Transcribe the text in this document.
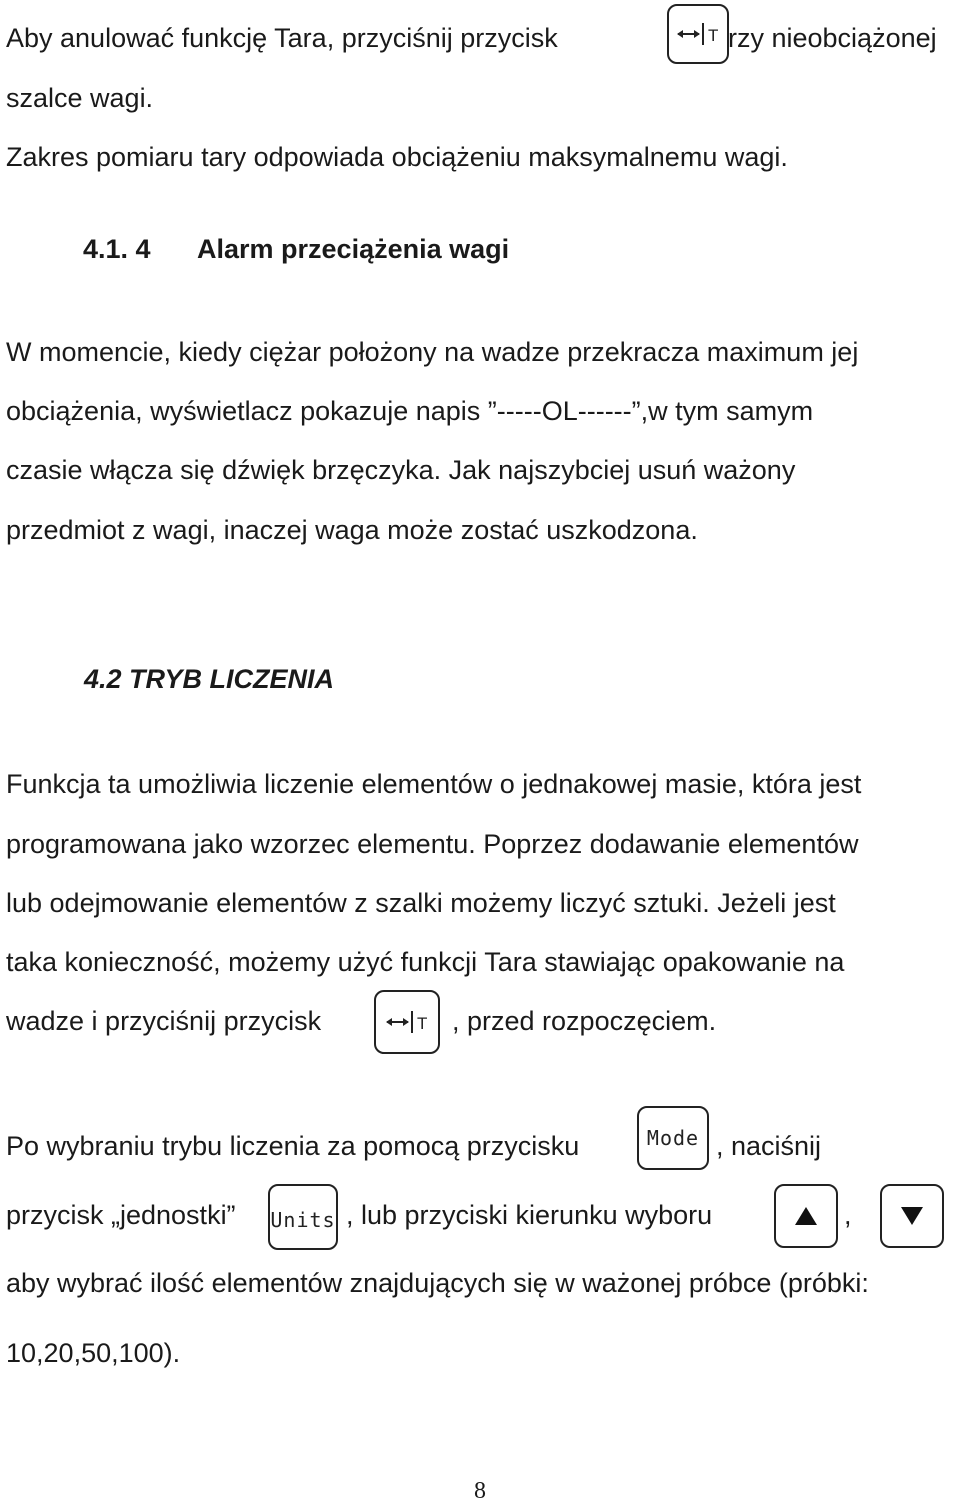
Aby anulować funkcję Tara, przyciśnij przycisk	T rzy nieobciążonej
szalce wagi.
Zakres pomiaru tary odpowiada obciążeniu maksymalnemu wagi.
4.1. 4 Alarm przeciążenia wagi
W momencie, kiedy ciężar położony na wadze przekracza maximum jej
obciążenia, wyświetlacz pokazuje napis ”-----OL------”,w tym samym
czasie włącza się dźwięk brzęczyka. Jak najszybciej usuń ważony
przedmiot z wagi, inaczej waga może zostać uszkodzona.
4.2 TRYB LICZENIA
Funkcja ta umożliwia liczenie elementów o jednakowej masie, która jest
programowana jako wzorzec elementu. Poprzez dodawanie elementów
lub odejmowanie elementów z szalki możemy liczyć sztuki. Jeżeli jest
taka konieczność, możemy użyć funkcji Tara stawiając opakowanie na
wadze i przyciśnij przycisk	T , przed rozpoczęciem.
Po wybraniu trybu liczenia za pomocą przycisku	Mode , naciśnij
przycisk „jednostki” Units , lub przyciski kierunku wyboru	,
aby wybrać ilość elementów znajdujących się w ważonej próbce (próbki:
10,20,50,100).
8
